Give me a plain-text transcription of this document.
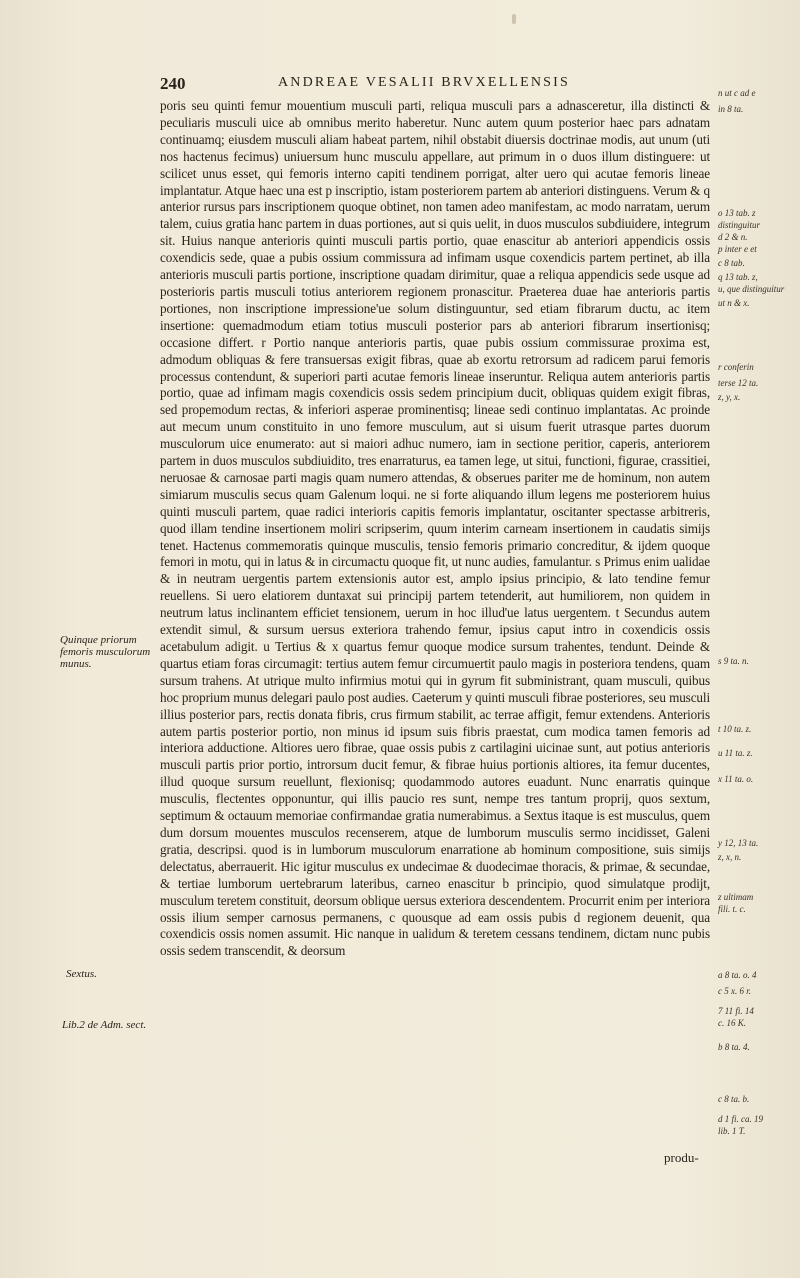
240	ANDREAE VESALII BRVXELLENSIS

poris seu quinti femur mouentium musculi parti, reliqua musculi pars a adnasceretur, illa distincti & peculiaris musculi uice ab omnibus merito haberetur. Nunc autem quum posterior haec pars adnatam continuamq; eiusdem musculi aliam habeat partem, nihil obstabit diuersis doctrinae modis, aut unum (uti nos hactenus fecimus) uniuersum hunc musculu appellare, aut primum in o duos illum distinguere: ut scilicet unus esset, qui femoris interno capiti tendinem porrigat, alter uero qui acutae femoris lineae implantatur. Atque haec una est p inscriptio, istam posteriorem partem ab anteriori distinguens. Verum & q anterior rursus pars inscriptionem quoque obtinet, non tamen adeo manifestam, ac modo narratam, uerum talem, cuius gratia hanc partem in duas portiones, aut si quis uelit, in duos musculos subdiuidere, integrum sit. Huius nanque anterioris quinti musculi partis portio, quae enascitur ab anteriori appendicis ossis coxendicis sede, quae a pubis ossium commissura ad infimam usque coxendicis partem pertinet, ab illa anterioris musculi partis portione, inscriptione quadam dirimitur, quae a reliqua appendicis sede usque ad posterioris partis musculi totius anteriorem regionem pronascitur. Praeterea duae hae anterioris partis portiones, non inscriptione impressione'ue solum distinguuntur, sed etiam fibrarum ductu, ac item insertione: quemadmodum etiam totius musculi posterior pars ab anteriori fibrarum insertionisq; occasione differt. r Portio nanque anterioris partis, quae pubis ossium commissurae proxima est, admodum obliquas & fere transuersas exigit fibras, quae ab exortu retrorsum ad radicem parui femoris processus contendunt, & superiori parti acutae femoris lineae inseruntur. Reliqua autem anterioris partis portio, quae ad infimam magis coxendicis ossis sedem principium ducit, obliquas quidem exigit fibras, sed propemodum rectas, & inferiori asperae prominentisq; lineae sedi continuo implantatas. Ac proinde aut mecum unum constituito in uno femore musculum, aut si uisum fuerit utrasque partes duorum musculorum uice enumerato: aut si maiori adhuc numero, iam in sectione peritior, caperis, anteriorem partem in duos musculos subdiuidito, tres enarraturus, ea tamen lege, ut situi, functioni, figurae, crassitiei, neruosae & carnosae parti magis quam numero attendas, & obserues pariter me de hominum, non autem simiarum musculis secus quam Galenum loqui. ne si forte aliquando illum legens me posteriorem huius quinti musculi partem, quae radici interioris capitis femoris implantatur, oscitanter spectasse arbitreris, quod illam tendine insertionem moliri scripserim, quum interim carneam insertionem in caudatis simijs tenet. Hactenus commemoratis quinque musculis, tensio femoris primario concreditur, & ijdem quoque femori in motu, qui in latus & in circumactu quoque fit, ut nunc audies, famulantur. s Primus enim ualidae & in neutram uergentis partem extensionis autor est, amplo ipsius principio, & lato tendine femur reuellens. Si uero elatiorem duntaxat sui principij partem tetenderit, aut humiliorem, non quidem in neutrum latus inclinantem efficiet tensionem, uerum in hoc illud'ue latus uergentem. t Secundus autem extendit simul, & sursum uersus exteriora trahendo femur, ipsius caput intro in coxendicis ossis acetabulum adigit. u Tertius & x quartus femur quoque modice sursum trahentes, tendunt. Deinde & quartus etiam foras circumagit: tertius autem femur circumuertit paulo magis in posteriora tendens, quam sursum trahens. At utrique multo infirmius motui qui in gyrum fit subministrant, quam musculi, quibus hoc proprium munus delegari paulo post audies. Caeterum y quinti musculi fibrae posteriores, seu musculi illius posterior pars, rectis donata fibris, crus firmum stabilit, ac terrae affigit, femur extendens. Anterioris autem partis posterior portio, non minus id ipsum suis fibris praestat, cum modica tamen femoris ad interiora adductione. Altiores uero fibrae, quae ossis pubis z cartilagini uicinae sunt, aut potius anterioris musculi partis prior portio, introrsum ducit femur, & fibrae huius portionis altiores, ita femur ducentes, illud quoque sursum reuellunt, flexionisq; quodammodo autores euadunt. Nunc enarratis quinque musculis, flectentes opponuntur, qui illis paucio res sunt, nempe tres tantum proprij, quos sextum, septimum & octauum memoriae confirmandae gratia numerabimus. a Sextus itaque is est musculus, quem dum dorsum mouentes musculos recenserem, atque de lumborum musculis sermo incidisset, Galeni gratia, descripsi. quod is in lumborum musculorum enarratione ab hominum compositione, suis simijs delectatus, aberrauerit. Hic igitur musculus ex undecimae & duodecimae thoracis, & primae, & secundae, & tertiae lumborum uertebrarum lateribus, carneo enascitur b principio, quod simulatque prodijt, musculum teretem constituit, deorsum oblique uersus exteriora descendentem. Procurrit enim per interiora ossis ilium semper carnosus permanens, c quousque ad eam ossis pubis d regionem deuenit, qua coxendicis ossis nomen assumit. Hic nanque in ualidum & teretem cessans tendinem, dictam nunc pubis ossis sedem transcendit, & deorsum

produ-
Quinque priorum femoris musculorum munus.
Sextus.
Lib.2 de Adm. sect.
n ut c ad e
in 8 ta.
o 13 tab. z
distinguitur
d 2 & n.
p inter e et
c 8 tab.
q 13 tab. z,
u, que distinguitur
ut n & x.
r conferin
terse 12 ta.
z, y, x.
s 9 ta. n.
t 10 ta. z.
u 11 ta. z.
x 11 ta. o.
y 12, 13 ta.
z, x, n.
z ultimam
fili. t. c.
a 8 ta. o. 4
c 5 x. 6 r.
7 11 fi. 14
c. 16 K.
b 8 ta. 4.
c 8 ta. b.
d 1 fi. ca. 19
lib. 1 T.
